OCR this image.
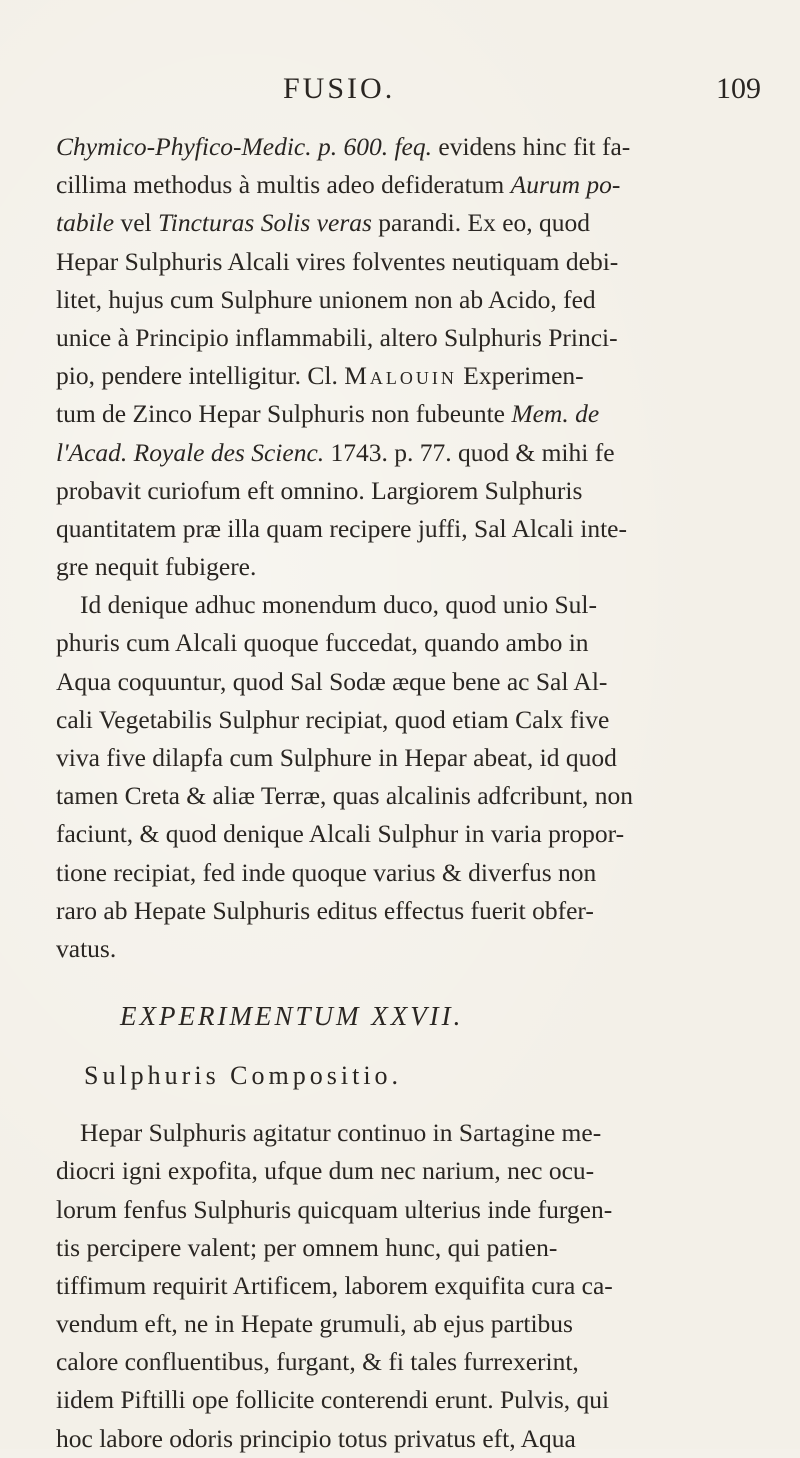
FUSIO.	109
Chymico-Phyfico-Medic. p. 600. feq. evidens hinc fit fa-
cillima methodus à multis adeo defideratum Aurum po-
tabile vel Tincturas Solis veras parandi. Ex eo, quod
Hepar Sulphuris Alcali vires folventes neutiquam debi-
litet, hujus cum Sulphure unionem non ab Acido, fed
unice à Principio inflammabili, altero Sulphuris Princi-
pio, pendere intelligitur. Cl. Malouin Experimen-
tum de Zinco Hepar Sulphuris non fubeunte Mem. de
l'Acad. Royale des Scienc. 1743. p. 77. quod & mihi fe
probavit curiofum eft omnino. Largiorem Sulphuris
quantitatem præ illa quam recipere juffi, Sal Alcali inte-
gre nequit fubigere.
Id denique adhuc monendum duco, quod unio Sul-
phuris cum Alcali quoque fuccedat, quando ambo in
Aqua coquuntur, quod Sal Sodæ æque bene ac Sal Al-
cali Vegetabilis Sulphur recipiat, quod etiam Calx five
viva five dilapfa cum Sulphure in Hepar abeat, id quod
tamen Creta & aliæ Terræ, quas alcalinis adfcribunt, non
faciunt, & quod denique Alcali Sulphur in varia propor-
tione recipiat, fed inde quoque varius & diverfus non
raro ab Hepate Sulphuris editus effectus fuerit obfer-
vatus.
EXPERIMENTUM XXVII.
Sulphuris Compositio.
Hepar Sulphuris agitatur continuo in Sartagine me-
diocri igni expofita, ufque dum nec narium, nec ocu-
lorum fenfus Sulphuris quicquam ulterius inde furgen-
tis percipere valent; per omnem hunc, qui patien-
tiffimum requirit Artificem, laborem exquifita cura ca-
vendum eft, ne in Hepate grumuli, ab ejus partibus
calore confluentibus, furgant, & fi tales furrexerint,
iidem Piftilli ope follicite conterendi erunt. Pulvis, qui
hoc labore odoris principio totus privatus eft, Aqua
